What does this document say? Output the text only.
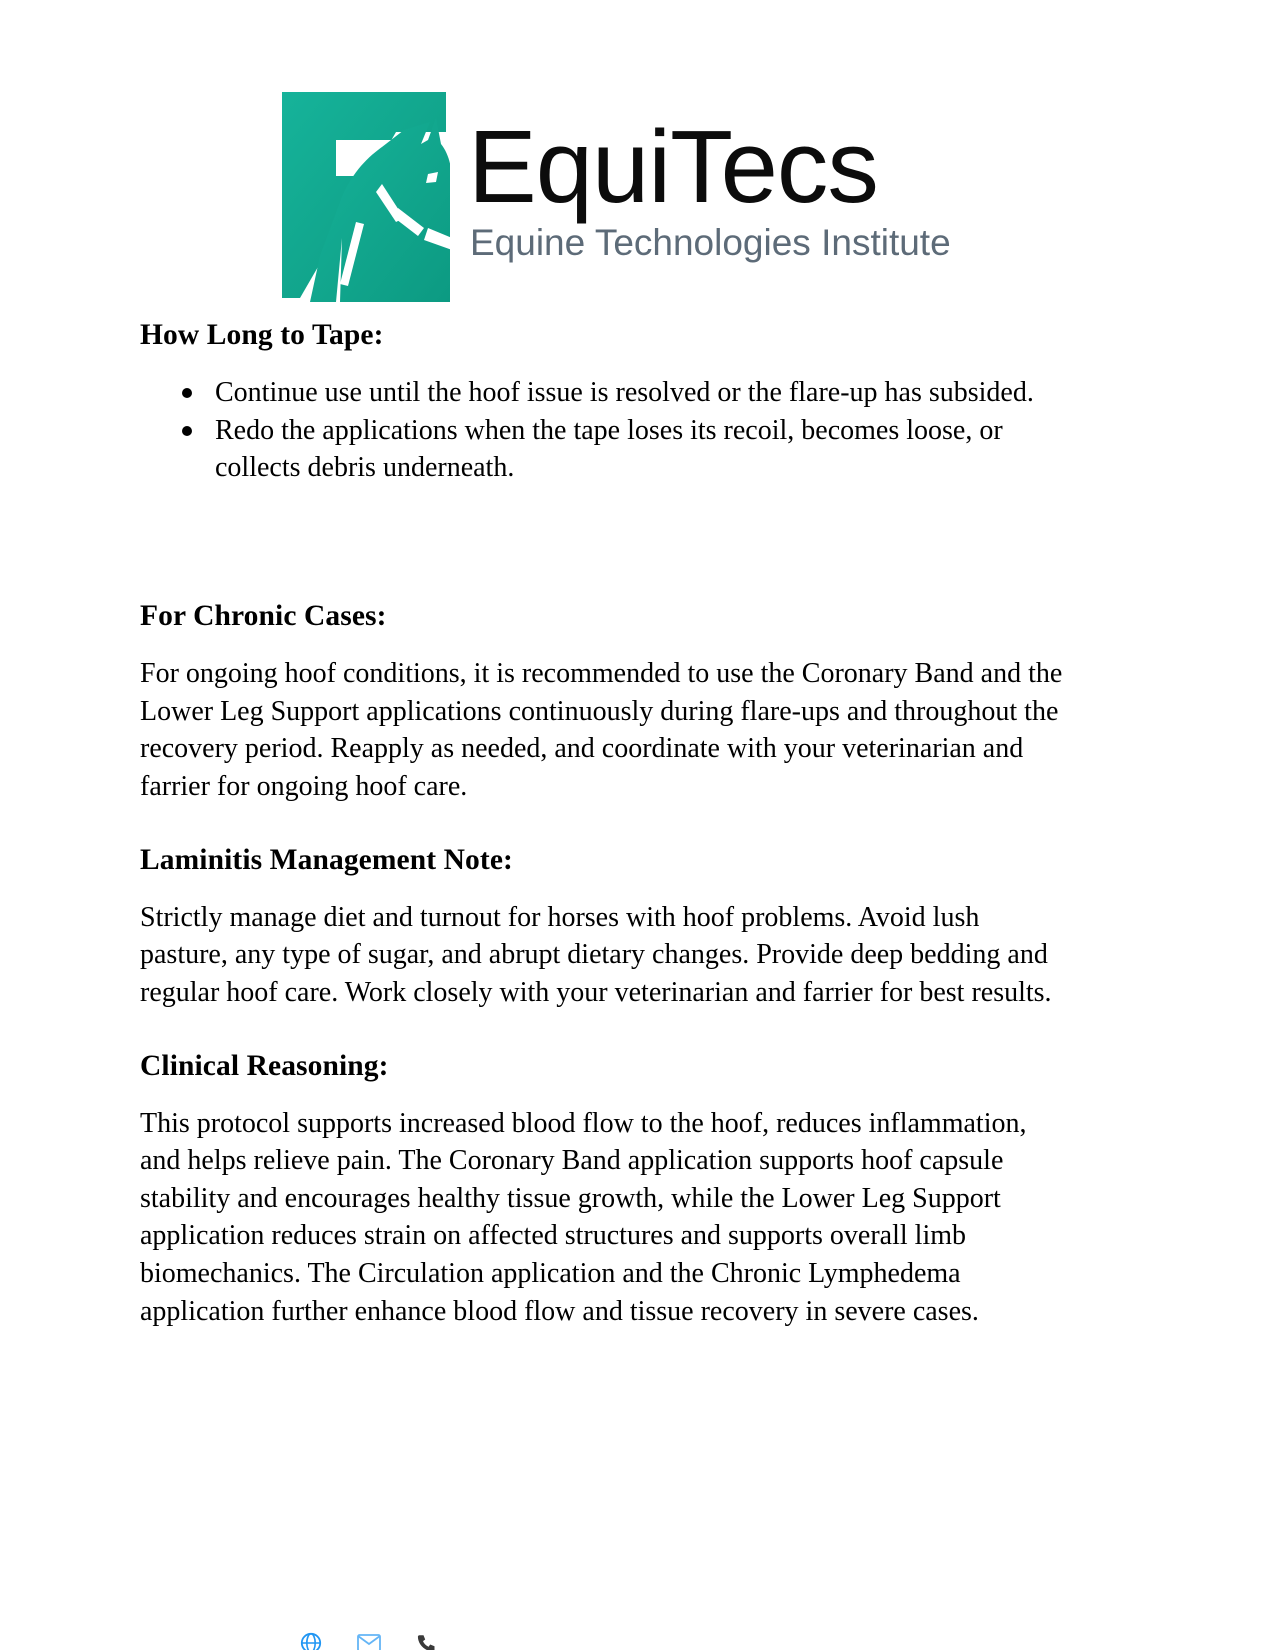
EquiTecs
Equine Technologies Institute
How Long to Tape:
Continue use until the hoof issue is resolved or the flare-up has subsided.
Redo the applications when the tape loses its recoil, becomes loose, or collects debris underneath.
For Chronic Cases:

For ongoing hoof conditions, it is recommended to use the Coronary Band and the Lower Leg Support applications continuously during flare-ups and throughout the recovery period. Reapply as needed, and coordinate with your veterinarian and farrier for ongoing hoof care.

Laminitis Management Note:

Strictly manage diet and turnout for horses with hoof problems. Avoid lush pasture, any type of sugar, and abrupt dietary changes. Provide deep bedding and regular hoof care. Work closely with your veterinarian and farrier for best results.

Clinical Reasoning:

This protocol supports increased blood flow to the hoof, reduces inflammation, and helps relieve pain. The Coronary Band application supports hoof capsule stability and encourages healthy tissue growth, while the Lower Leg Support application reduces strain on affected structures and supports overall limb biomechanics. The Circulation application and the Chronic Lymphedema application further enhance blood flow and tissue recovery in severe cases.
